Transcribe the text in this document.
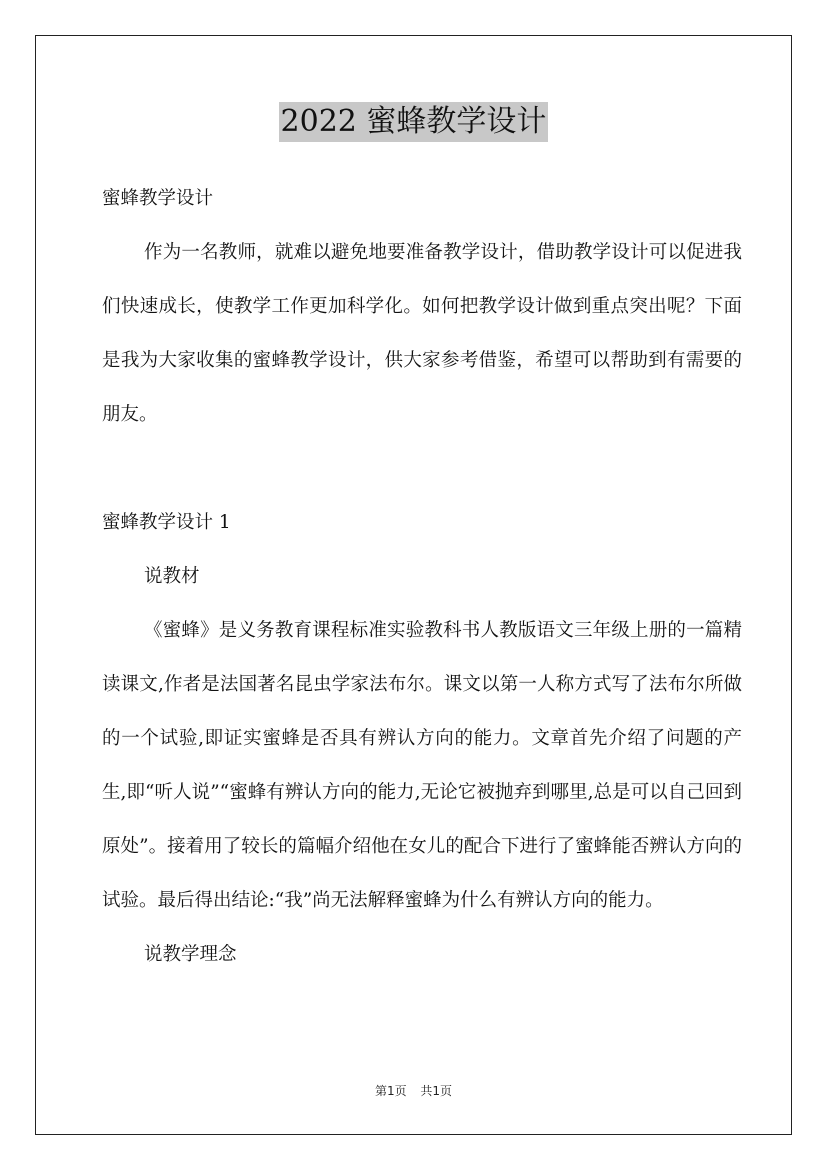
2022 蜜蜂教学设计

蜜蜂教学设计

作为一名教师，就难以避免地要准备教学设计，借助教学设计可以促进我们快速成长，使教学工作更加科学化。如何把教学设计做到重点突出呢？下面是我为大家收集的蜜蜂教学设计，供大家参考借鉴，希望可以帮助到有需要的朋友。

蜜蜂教学设计 1

说教材

《蜜蜂》是义务教育课程标准实验教科书人教版语文三年级上册的一篇精读课文,作者是法国著名昆虫学家法布尔。课文以第一人称方式写了法布尔所做的一个试验,即证实蜜蜂是否具有辨认方向的能力。文章首先介绍了问题的产生,即“听人说”“蜜蜂有辨认方向的能力,无论它被抛弃到哪里,总是可以自己回到原处”。接着用了较长的篇幅介绍他在女儿的配合下进行了蜜蜂能否辨认方向的试验。最后得出结论:“我”尚无法解释蜜蜂为什么有辨认方向的能力。

说教学理念

第1页 共1页
